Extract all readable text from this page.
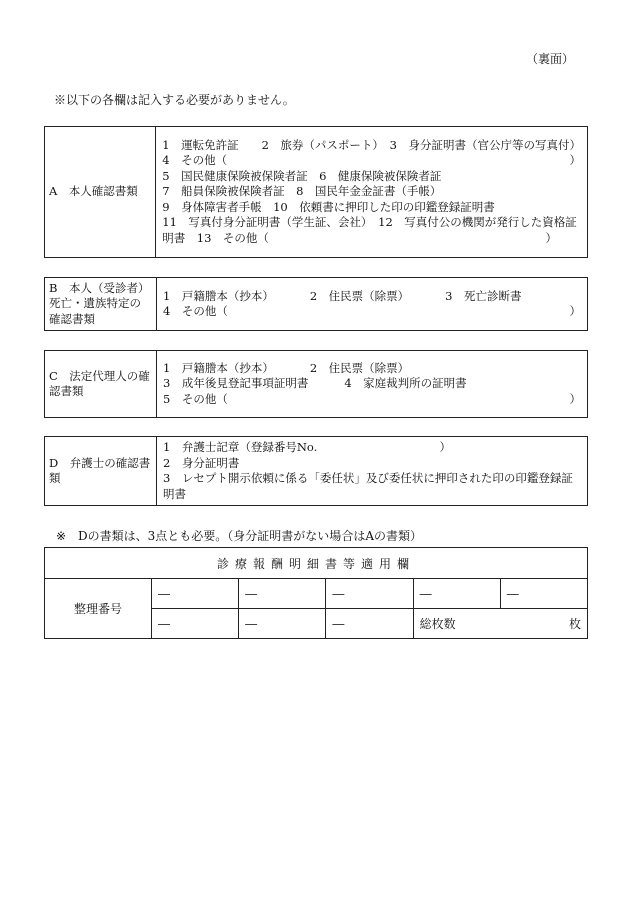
（裏面）
※以下の各欄は記入する必要がありません。
A　本人確認書類	
1　運転免許証　　2　旅券（パスポート）　3　身分証明書（官公庁等の写真付）
4　その他（	）
5　国民健康保険被保険者証　6　健康保険被保険者証
7　船員保険被保険者証　8　国民年金金証書（手帳）
9　身体障害者手帳　10　依頼書に押印した印の印鑑登録証明書
11　写真付身分証明書（学生証、会社）　12　写真付公の機関が発行した資格証
明書　13　その他（	）
B　本人（受診者）死亡・遺族特定の確認書類	
1　戸籍謄本（抄本）	2　住民票（除票）	3　死亡診断書
4　その他（	）
C　法定代理人の確認書類	
1　戸籍謄本（抄本）	2　住民票（除票）
3　成年後見登記事項証明書	4　家庭裁判所の証明書
5　その他（	）
D　弁護士の確認書類	
1　弁護士記章（登録番号No.	）
2　身分証明書
3　レセプト開示依頼に係る「委任状」及び委任状に押印された印の印鑑登録証
明書
※　Dの書類は、3点とも必要。（身分証明書がない場合はAの書類）
診療報酬明細書等適用欄					
整理番号	―	―	―	―	―
	―	―	―	総枚数 枚	
